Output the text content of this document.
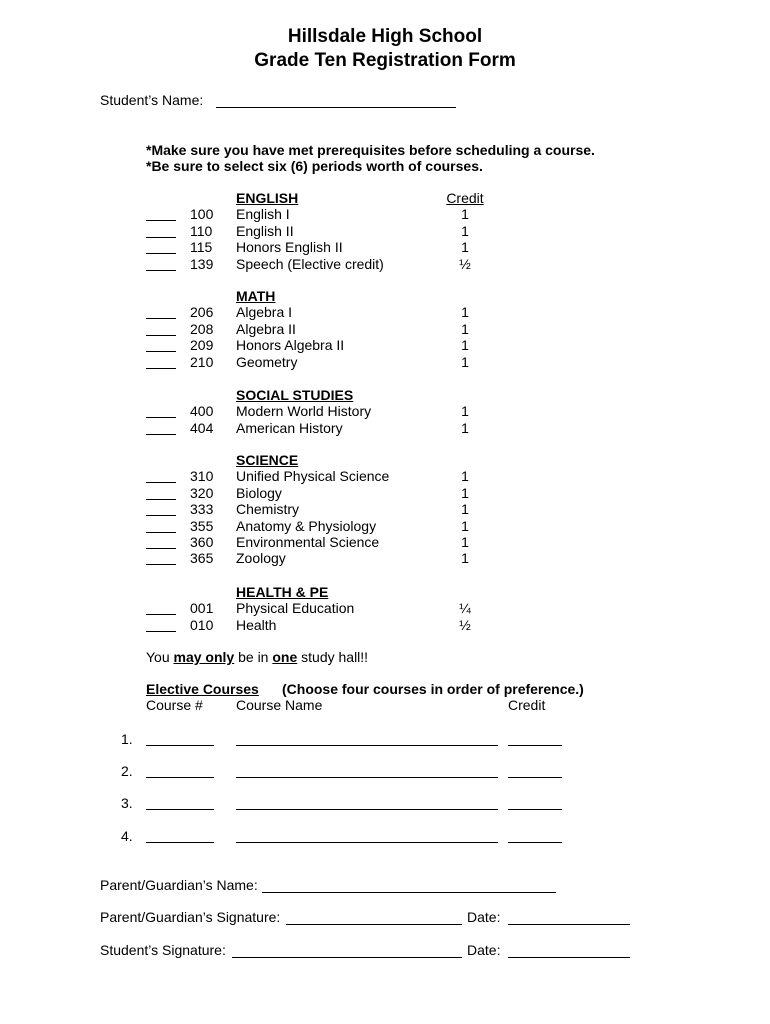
Hillsdale High School
Grade Ten Registration Form
Student’s Name:
*Make sure you have met prerequisites before scheduling a course.
*Be sure to select six (6) periods worth of courses.
Credit
ENGLISH
100 English I	1
110 English II	1
115 Honors English II	1
139 Speech (Elective credit)	½
MATH
206 Algebra I	1
208 Algebra II	1
209 Honors Algebra II	1
210 Geometry	1
SOCIAL STUDIES
400 Modern World History	1
404 American History	1
SCIENCE
310 Unified Physical Science	1
320 Biology	1
333 Chemistry	1
355 Anatomy & Physiology	1
360 Environmental Science	1
365 Zoology	1
HEALTH & PE
001 Physical Education	¼
010 Health	½
You may only be in one study hall!!
Elective Courses (Choose four courses in order of preference.)
Course # Course Name	Credit
1.
2.
3.
4.
Parent/Guardian’s Name:
Parent/Guardian’s Signature:	Date:
Student’s Signature:	Date:
